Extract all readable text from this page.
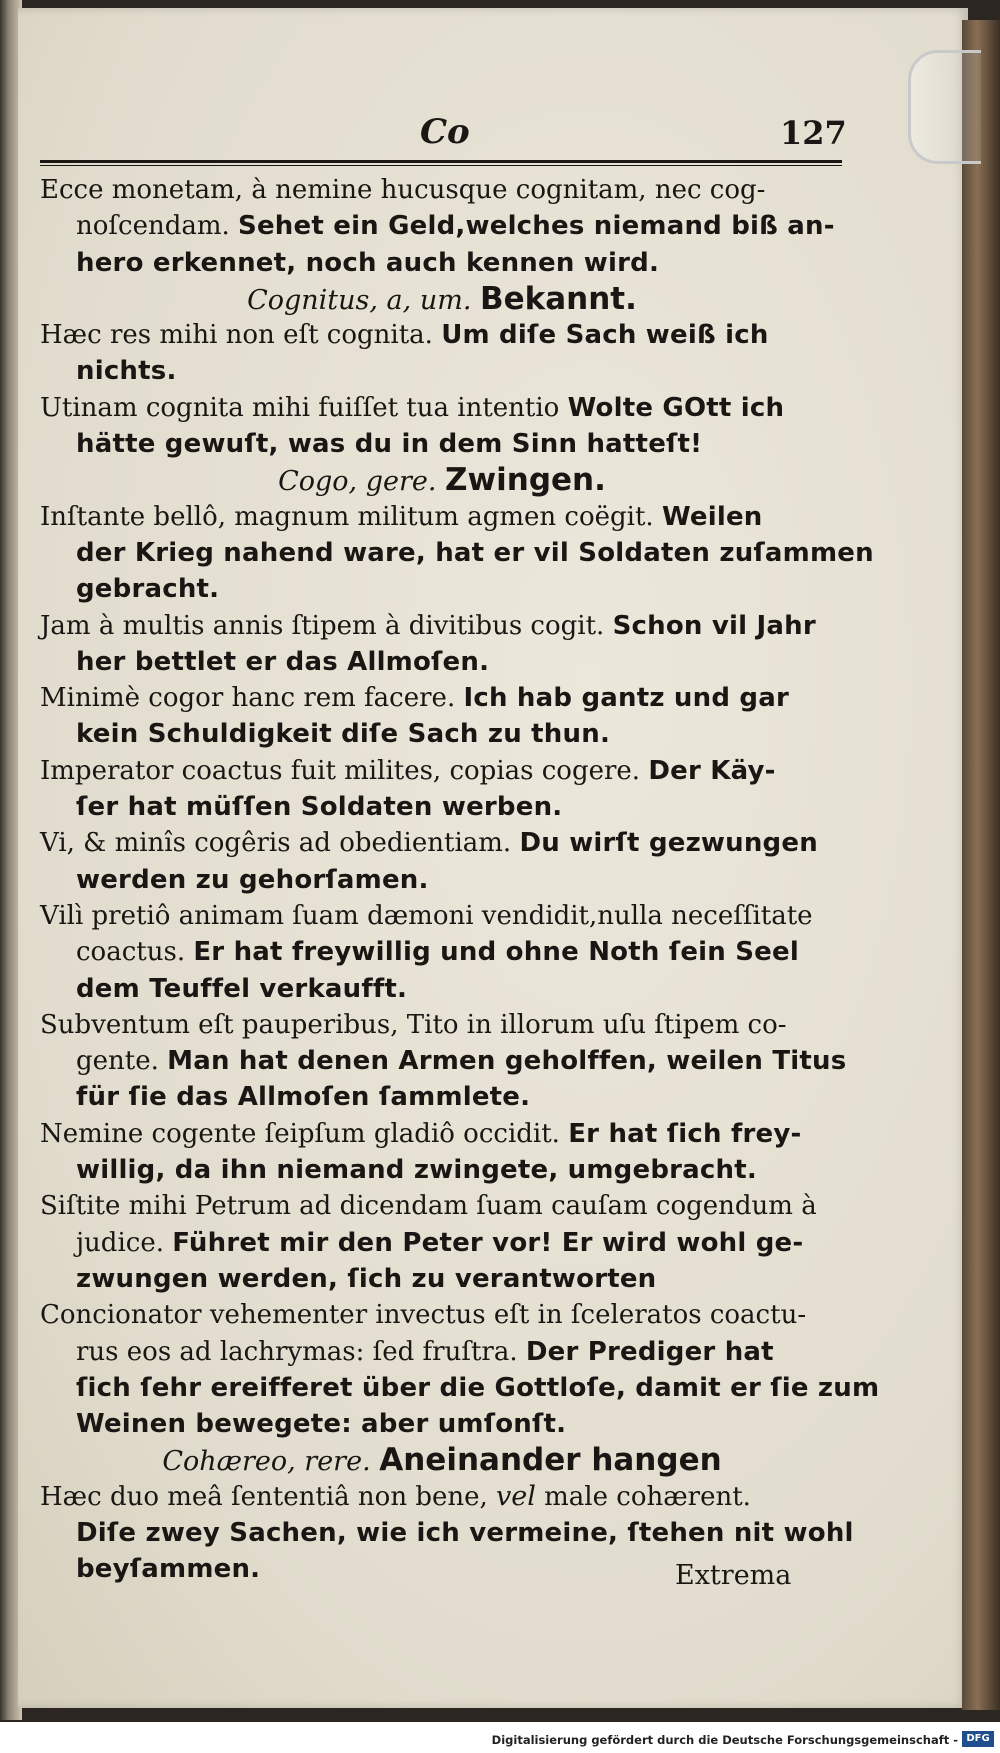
Co	127
Ecce monetam, à nemine hucusque cognitam, nec cog-
noſcendam. Sehet ein Geld,welches niemand biß an-
hero erkennet, noch auch kennen wird.
Cognitus, a, um. Bekannt.
Hæc res mihi non eſt cognita. Um diſe Sach weiß ich
nichts.
Utinam cognita mihi fuiſſet tua intentio Wolte GOtt ich
hätte gewuſt, was du in dem Sinn hatteſt!
Cogo, gere. Zwingen.
Inſtante bellô, magnum militum agmen coëgit. Weilen
der Krieg nahend ware, hat er vil Soldaten zuſammen
gebracht.
Jam à multis annis ſtipem à divitibus cogit. Schon vil Jahr
her bettlet er das Allmoſen.
Minimè cogor hanc rem facere. Ich hab gantz und gar
kein Schuldigkeit diſe Sach zu thun.
Imperator coactus fuit milites, copias cogere. Der Käy-
ſer hat müſſen Soldaten werben.
Vi, & minîs cogêris ad obedientiam. Du wirſt gezwungen
werden zu gehorſamen.
Vilì pretiô animam ſuam dæmoni vendidit,nulla neceſſitate
coactus. Er hat freywillig und ohne Noth ſein Seel
dem Teuffel verkaufft.
Subventum eſt pauperibus, Tito in illorum uſu ſtipem co-
gente. Man hat denen Armen geholffen, weilen Titus
für ſie das Allmoſen ſammlete.
Nemine cogente ſeipſum gladiô occidit. Er hat ſich frey-
willig, da ihn niemand zwingete, umgebracht.
Siſtite mihi Petrum ad dicendam ſuam cauſam cogendum à
judice. Führet mir den Peter vor! Er wird wohl ge-
zwungen werden, ſich zu verantworten
Concionator vehementer invectus eſt in ſceleratos coactu-
rus eos ad lachrymas: ſed fruſtra. Der Prediger hat
ſich ſehr ereifferet über die Gottloſe, damit er ſie zum
Weinen bewegete: aber umſonſt.
Cohæreo, rere. Aneinander hangen
Hæc duo meâ ſententiâ non bene, vel male cohærent.
Diſe zwey Sachen, wie ich vermeine, ſtehen nit wohl
beyſammen.	Extrema
Digitalisierung gefördert durch die Deutsche Forschungsgemeinschaft - DFG
